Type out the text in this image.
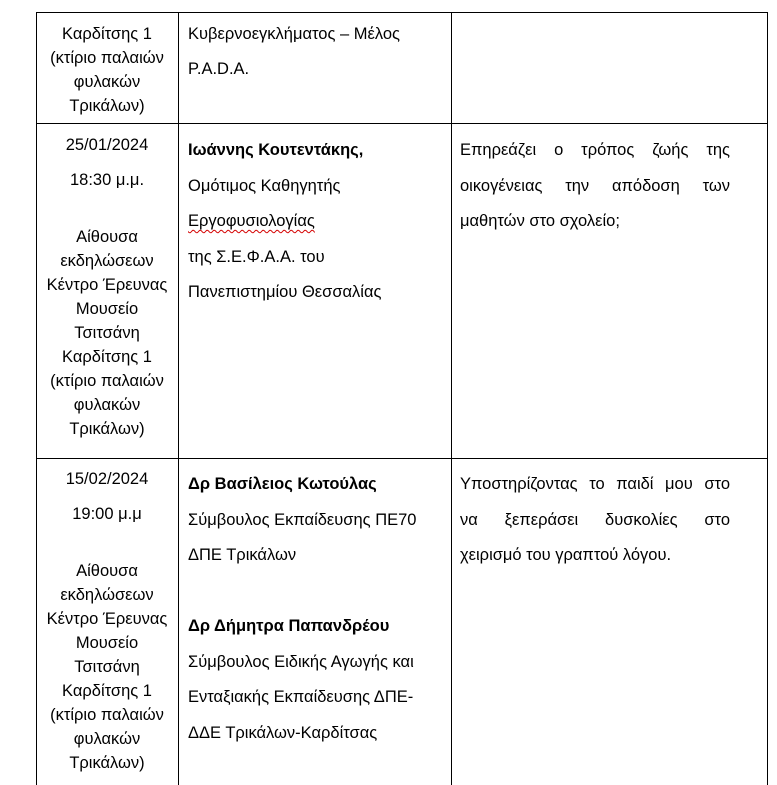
Καρδίτσης 1
(κτίριο παλαιών
φυλακών
Τρικάλων)
Κυβερνοεγκλήματος – Μέλος
P.A.D.A.
25/01/2024
18:30 μ.μ.
Αίθουσα
εκδηλώσεων
Κέντρο Έρευνας
Μουσείο
Τσιτσάνη
Καρδίτσης 1
(κτίριο παλαιών
φυλακών
Τρικάλων)
Ιωάννης Κουτεντάκης,
Ομότιμος Καθηγητής
Εργοφυσιολογίας
της Σ.Ε.Φ.Α.Α. του
Πανεπιστημίου Θεσσαλίας
Επηρεάζει ο τρόπος ζωής της
οικογένειας την απόδοση των
μαθητών στο σχολείο;
15/02/2024
19:00 μ.μ
Αίθουσα
εκδηλώσεων
Κέντρο Έρευνας
Μουσείο
Τσιτσάνη
Καρδίτσης 1
(κτίριο παλαιών
φυλακών
Τρικάλων)
Δρ Βασίλειος Κωτούλας
Σύμβουλος Εκπαίδευσης ΠΕ70
ΔΠΕ Τρικάλων

Δρ Δήμητρα Παπανδρέου
Σύμβουλος Ειδικής Αγωγής και
Ενταξιακής Εκπαίδευσης ΔΠΕ-
ΔΔΕ Τρικάλων-Καρδίτσας
Υποστηρίζοντας το παιδί μου στο
να ξεπεράσει δυσκολίες στο
χειρισμό του γραπτού λόγου.
